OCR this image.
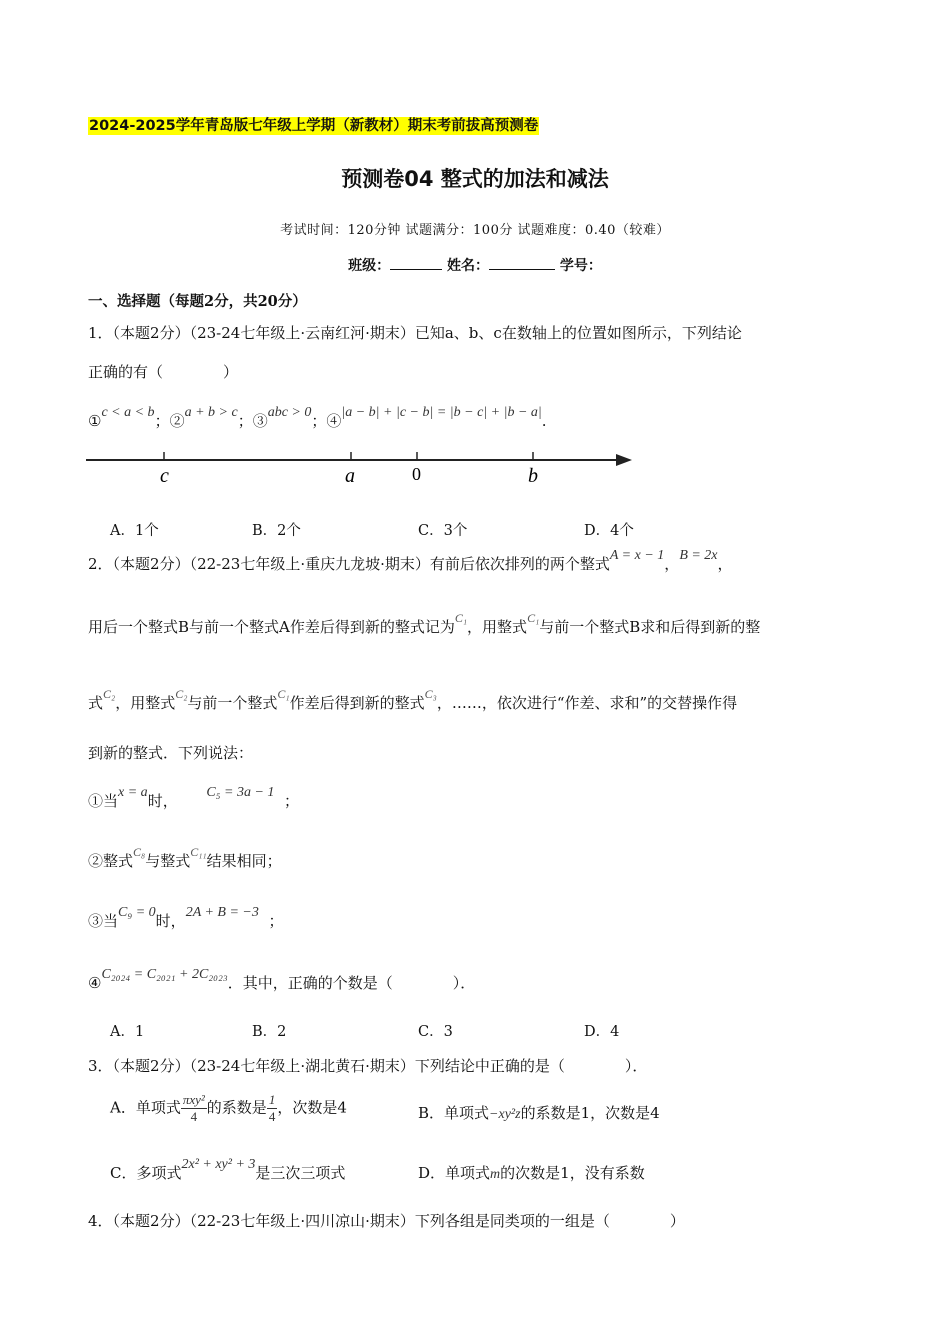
2024-2025学年青岛版七年级上学期（新教材）期末考前拔高预测卷
预测卷04 整式的加法和减法
考试时间：120分钟 试题满分：100分 试题难度：0.40（较难）
班级：	姓名：	学号：
一、选择题（每题2分，共20分）
1．（本题2分）（23-24七年级上·云南红河·期末）已知a、b、c在数轴上的位置如图所示，下列结论
正确的有（　　　　）
①c < a < b；②a + b > c；③abc > 0；④|a − b| + |c − b| = |b − c| + |b − a|.
c	a	0	b
A．1个	B．2个	C．3个	D．4个
2．（本题2分）（22-23七年级上·重庆九龙坡·期末）有前后依次排列的两个整式A = x − 1，B = 2x，
用后一个整式B与前一个整式A作差后得到新的整式记为$^{C_1}$，用整式$^{C_1}$与前一个整式B求和后得到新的整
式$^{C_2}$，用整式$^{C_2}$与前一个整式$^{C_1}$作差后得到新的整式$^{C_3}$，……，依次进行“作差、求和”的交替操作得
到新的整式．下列说法：
①当x = a时， C₅ = 3a − 1 ；
②整式$^{C_8}$与整式$^{C_{11}}$结果相同；
③当C₉ = 0时，2A + B = −3 ；
④C₂₀₂₄ = C₂₀₂₁ + 2C₂₀₂₃．其中，正确的个数是（　　　　）．
A．1	B．2	C．3	D．4
3．（本题2分）（23-24七年级上·湖北黄石·期末）下列结论中正确的是（　　　　）．
A．单项式 $\frac{\text{πxy²}}{4}$ 的系数是 $\frac{1}{4}$ ，次数是4	B．单项式−xy²z的系数是1，次数是4
C．多项式2x² + xy² + 3是三次三项式	D．单项式m的次数是1，没有系数
4．（本题2分）（22-23七年级上·四川凉山·期末）下列各组是同类项的一组是（　　　　）
